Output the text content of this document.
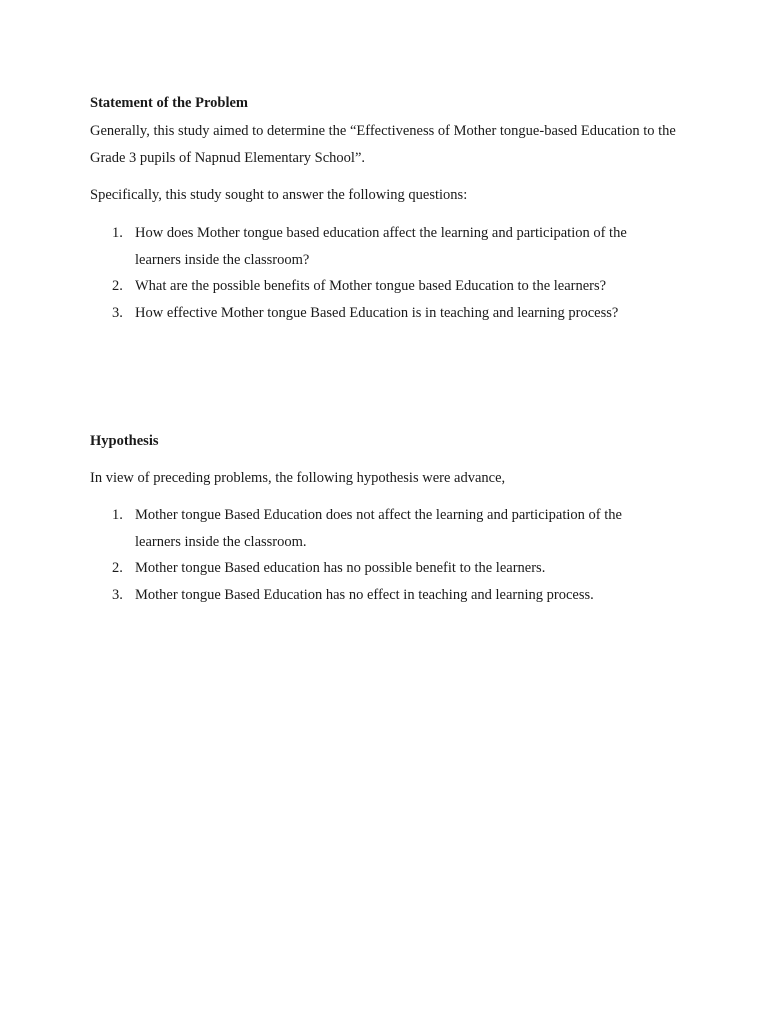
Statement of the Problem
Generally, this study aimed to determine the “Effectiveness of Mother tongue-based Education to the Grade 3 pupils of Napnud Elementary School”.
Specifically, this study sought to answer the following questions:
1. How does Mother tongue based education affect the learning and participation of the learners inside the classroom?
2. What are the possible benefits of Mother tongue based Education to the learners?
3. How effective Mother tongue Based Education is in teaching and learning process?
Hypothesis
In view of preceding problems, the following hypothesis were advance,
1. Mother tongue Based Education does not affect the learning and participation of the learners inside the classroom.
2. Mother tongue Based education has no possible benefit to the learners.
3. Mother tongue Based Education has no effect in teaching and learning process.
